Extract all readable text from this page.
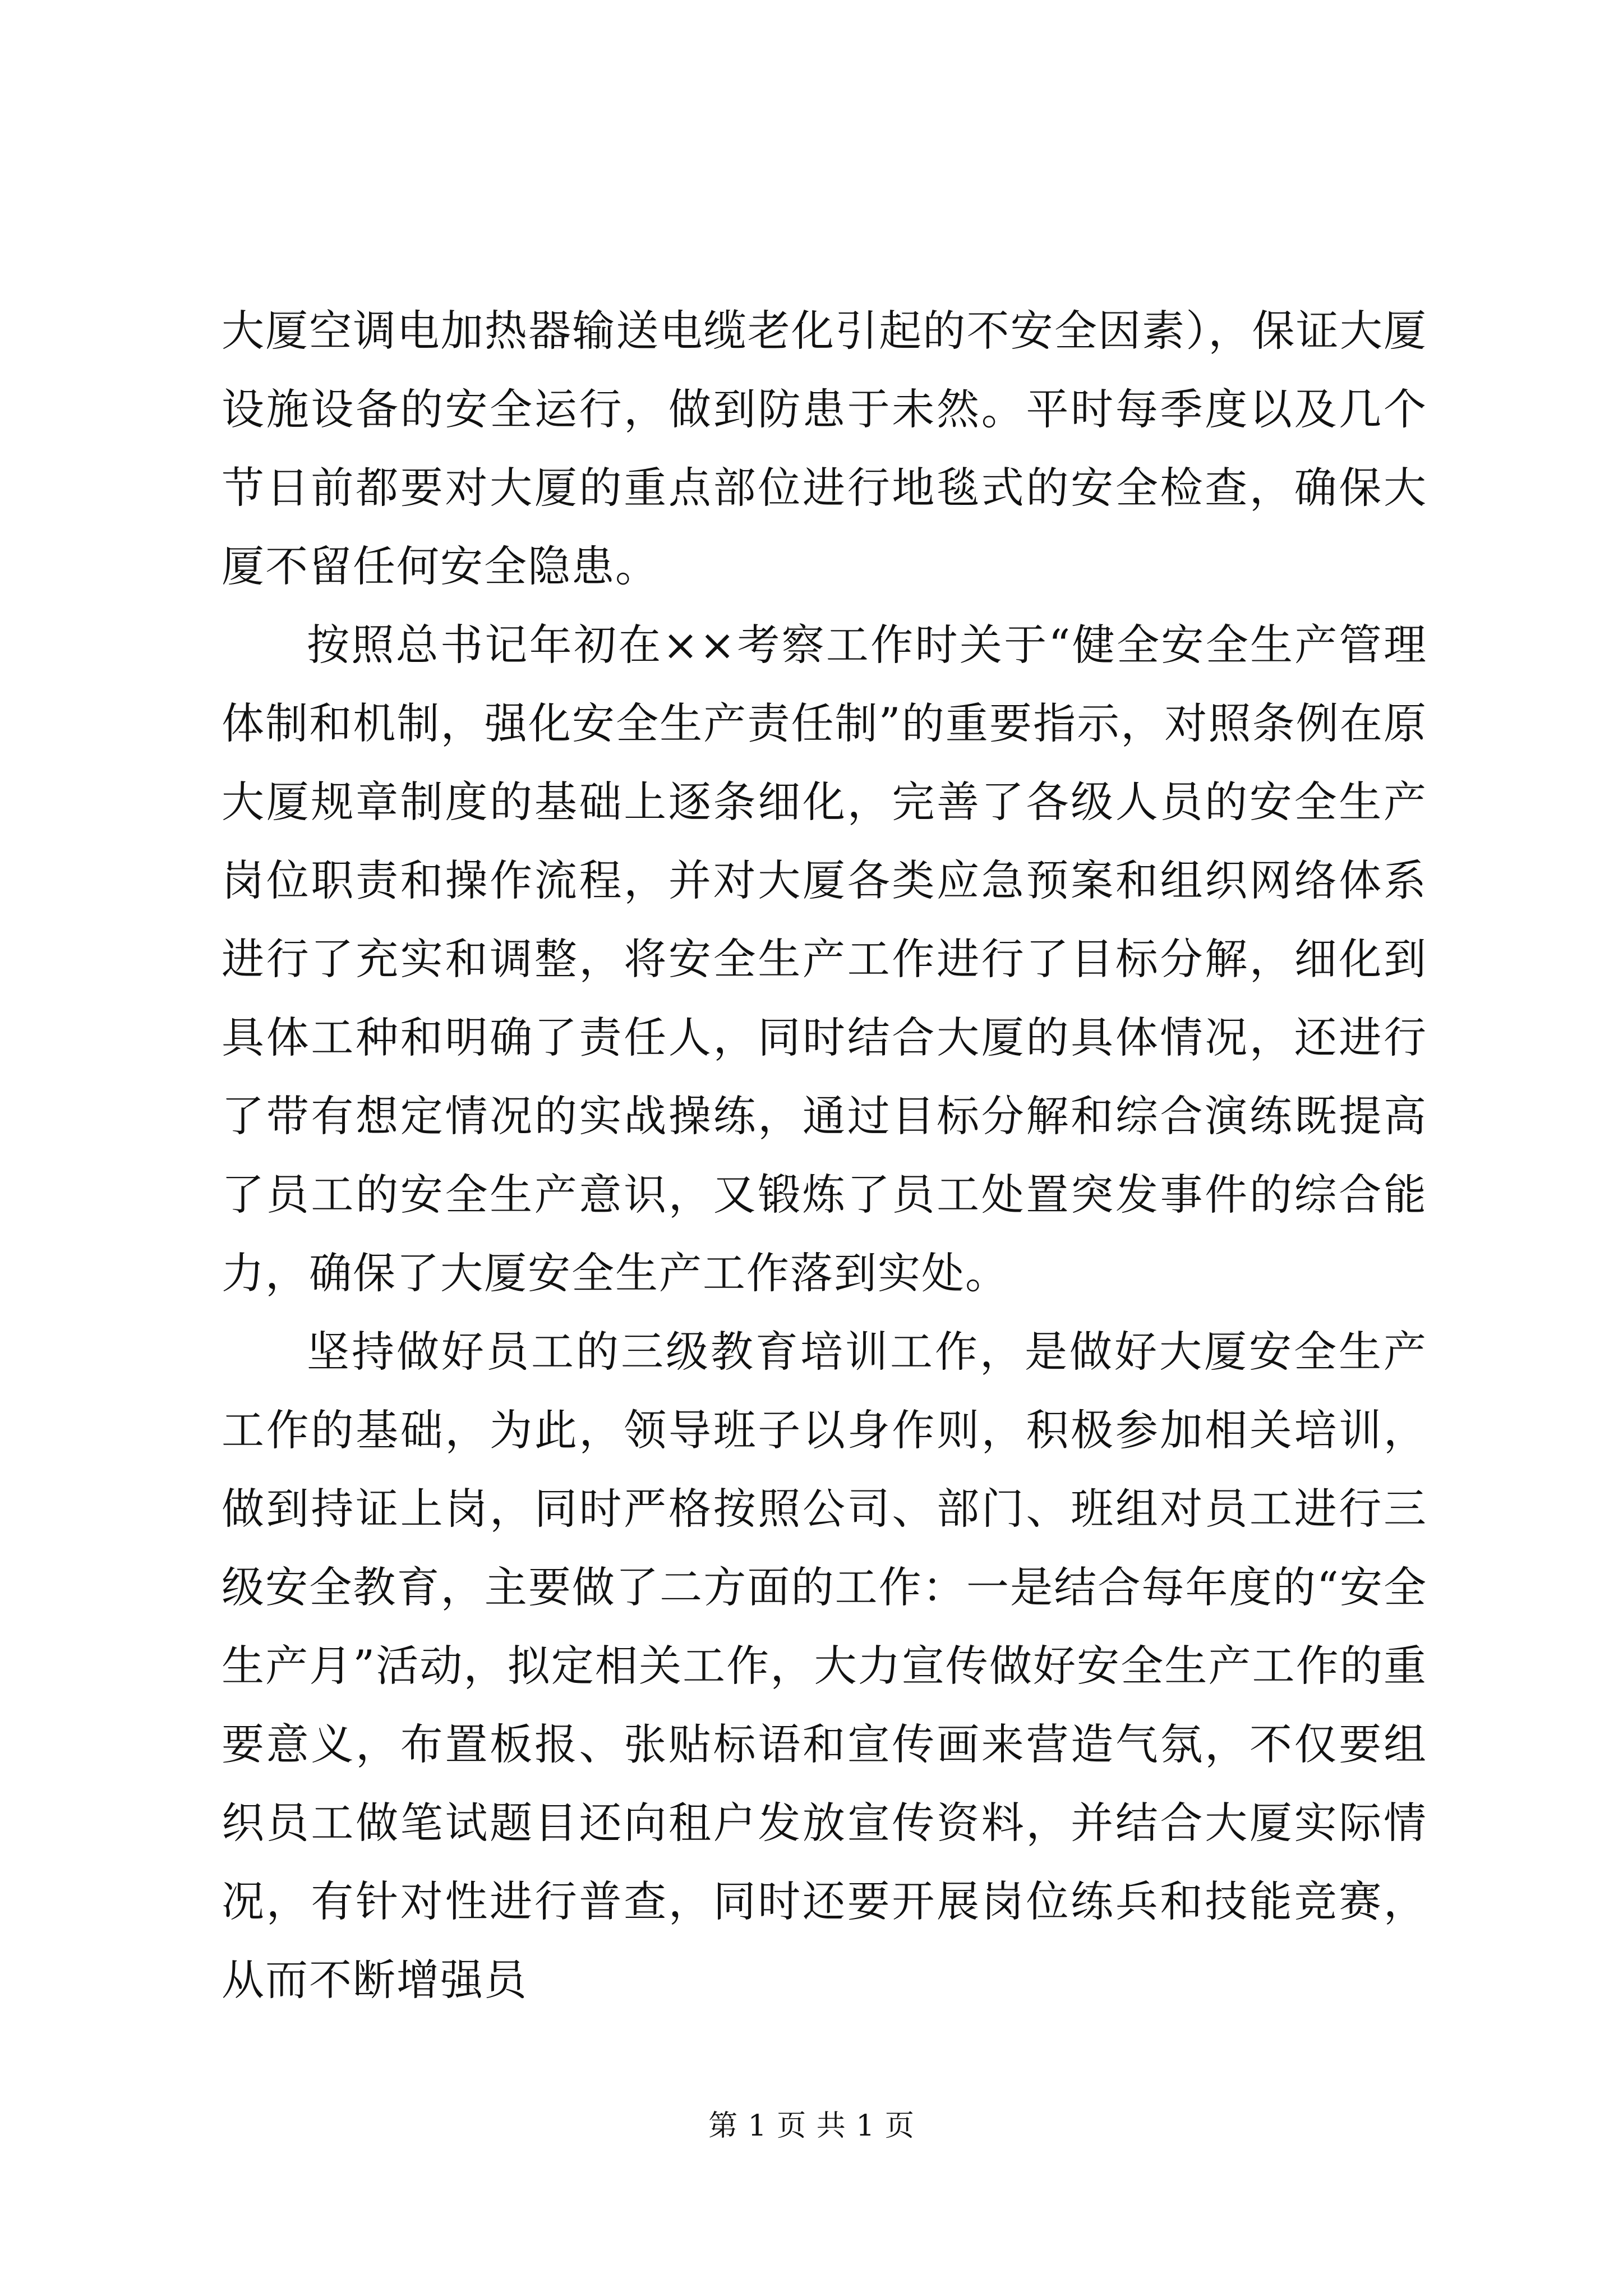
大厦空调电加热器输送电缆老化引起的不安全因素），保证大厦设施设备的安全运行，做到防患于未然。平时每季度以及几个节日前都要对大厦的重点部位进行地毯式的安全检查，确保大厦不留任何安全隐患。

按照总书记年初在××考察工作时关于“健全安全生产管理体制和机制，强化安全生产责任制”的重要指示，对照条例在原大厦规章制度的基础上逐条细化，完善了各级人员的安全生产岗位职责和操作流程，并对大厦各类应急预案和组织网络体系进行了充实和调整，将安全生产工作进行了目标分解，细化到具体工种和明确了责任人，同时结合大厦的具体情况，还进行了带有想定情况的实战操练，通过目标分解和综合演练既提高了员工的安全生产意识，又锻炼了员工处置突发事件的综合能力，确保了大厦安全生产工作落到实处。

坚持做好员工的三级教育培训工作，是做好大厦安全生产工作的基础，为此，领导班子以身作则，积极参加相关培训，做到持证上岗，同时严格按照公司、部门、班组对员工进行三级安全教育，主要做了二方面的工作：一是结合每年度的“安全生产月”活动，拟定相关工作，大力宣传做好安全生产工作的重要意义，布置板报、张贴标语和宣传画来营造气氛，不仅要组织员工做笔试题目还向租户发放宣传资料，并结合大厦实际情况，有针对性进行普查，同时还要开展岗位练兵和技能竞赛，从而不断增强员

第 1 页 共 1 页
